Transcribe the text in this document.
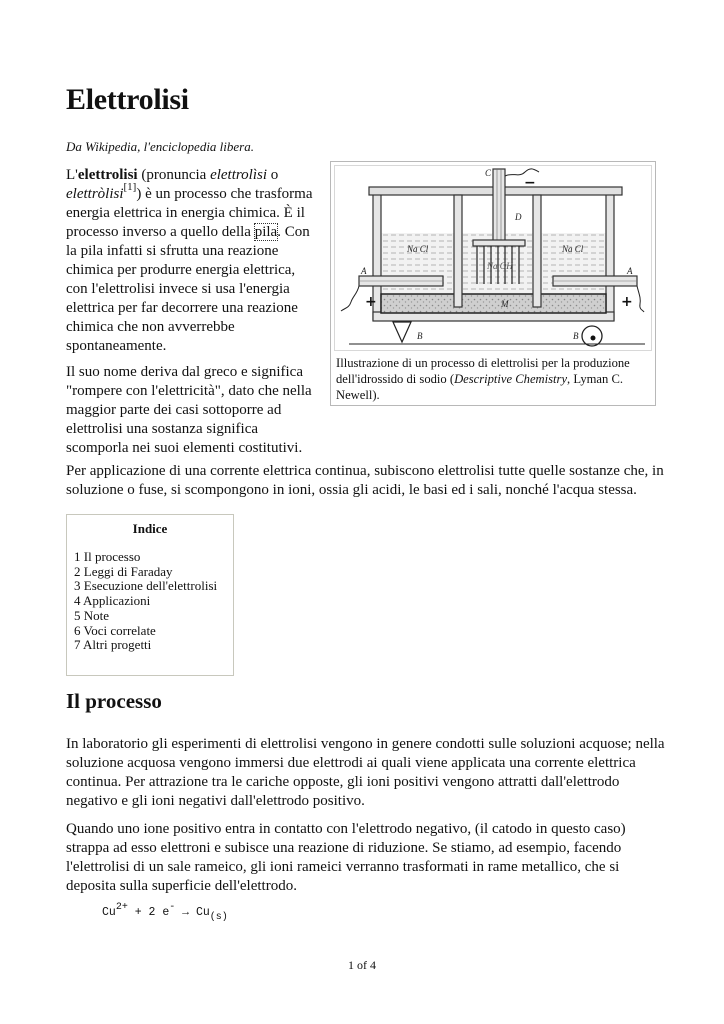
Elettrolisi

Da Wikipedia, l'enciclopedia libera.

L'elettrolisi (pronuncia elettrolìsi o elettròlisi[1]) è un processo che trasforma energia elettrica in energia chimica. È il processo inverso a quello della pila. Con la pila infatti si sfrutta una reazione chimica per produrre energia elettrica, con l'elettrolisi invece si usa l'energia elettrica per far decorrere una reazione chimica che non avverrebbe spontaneamente.

Il suo nome deriva dal greco e significa "rompere con l'elettricità", dato che nella maggior parte dei casi sottoporre ad elettrolisi una sostanza significa scomporla nei suoi elementi costitutivi.

C
D
Na Cl	Na Cl
Na OH
A	A
M
B	B
+	+
−

Illustrazione di un processo di elettrolisi per la produzione dell'idrossido di sodio (Descriptive Chemistry, Lyman C. Newell).

Per applicazione di una corrente elettrica continua, subiscono elettrolisi tutte quelle sostanze che, in soluzione o fuse, si scompongono in ioni, ossia gli acidi, le basi ed i sali, nonché l'acqua stessa.

Indice
1 Il processo
2 Leggi di Faraday
3 Esecuzione dell'elettrolisi
4 Applicazioni
5 Note
6 Voci correlate
7 Altri progetti
Il processo

In laboratorio gli esperimenti di elettrolisi vengono in genere condotti sulle soluzioni acquose; nella soluzione acquosa vengono immersi due elettrodi ai quali viene applicata una corrente elettrica continua. Per attrazione tra le cariche opposte, gli ioni positivi vengono attratti dall'elettrodo negativo e gli ioni negativi dall'elettrodo positivo.

Quando uno ione positivo entra in contatto con l'elettrodo negativo, (il catodo in questo caso) strappa ad esso elettroni e subisce una reazione di riduzione. Se stiamo, ad esempio, facendo l'elettrolisi di un sale rameico, gli ioni rameici verranno trasformati in rame metallico, che si deposita sulla superficie dell'elettrodo.

$Cu^{2+} + 2$ $e^- \to Cu_{(s)}$
1 of 4
